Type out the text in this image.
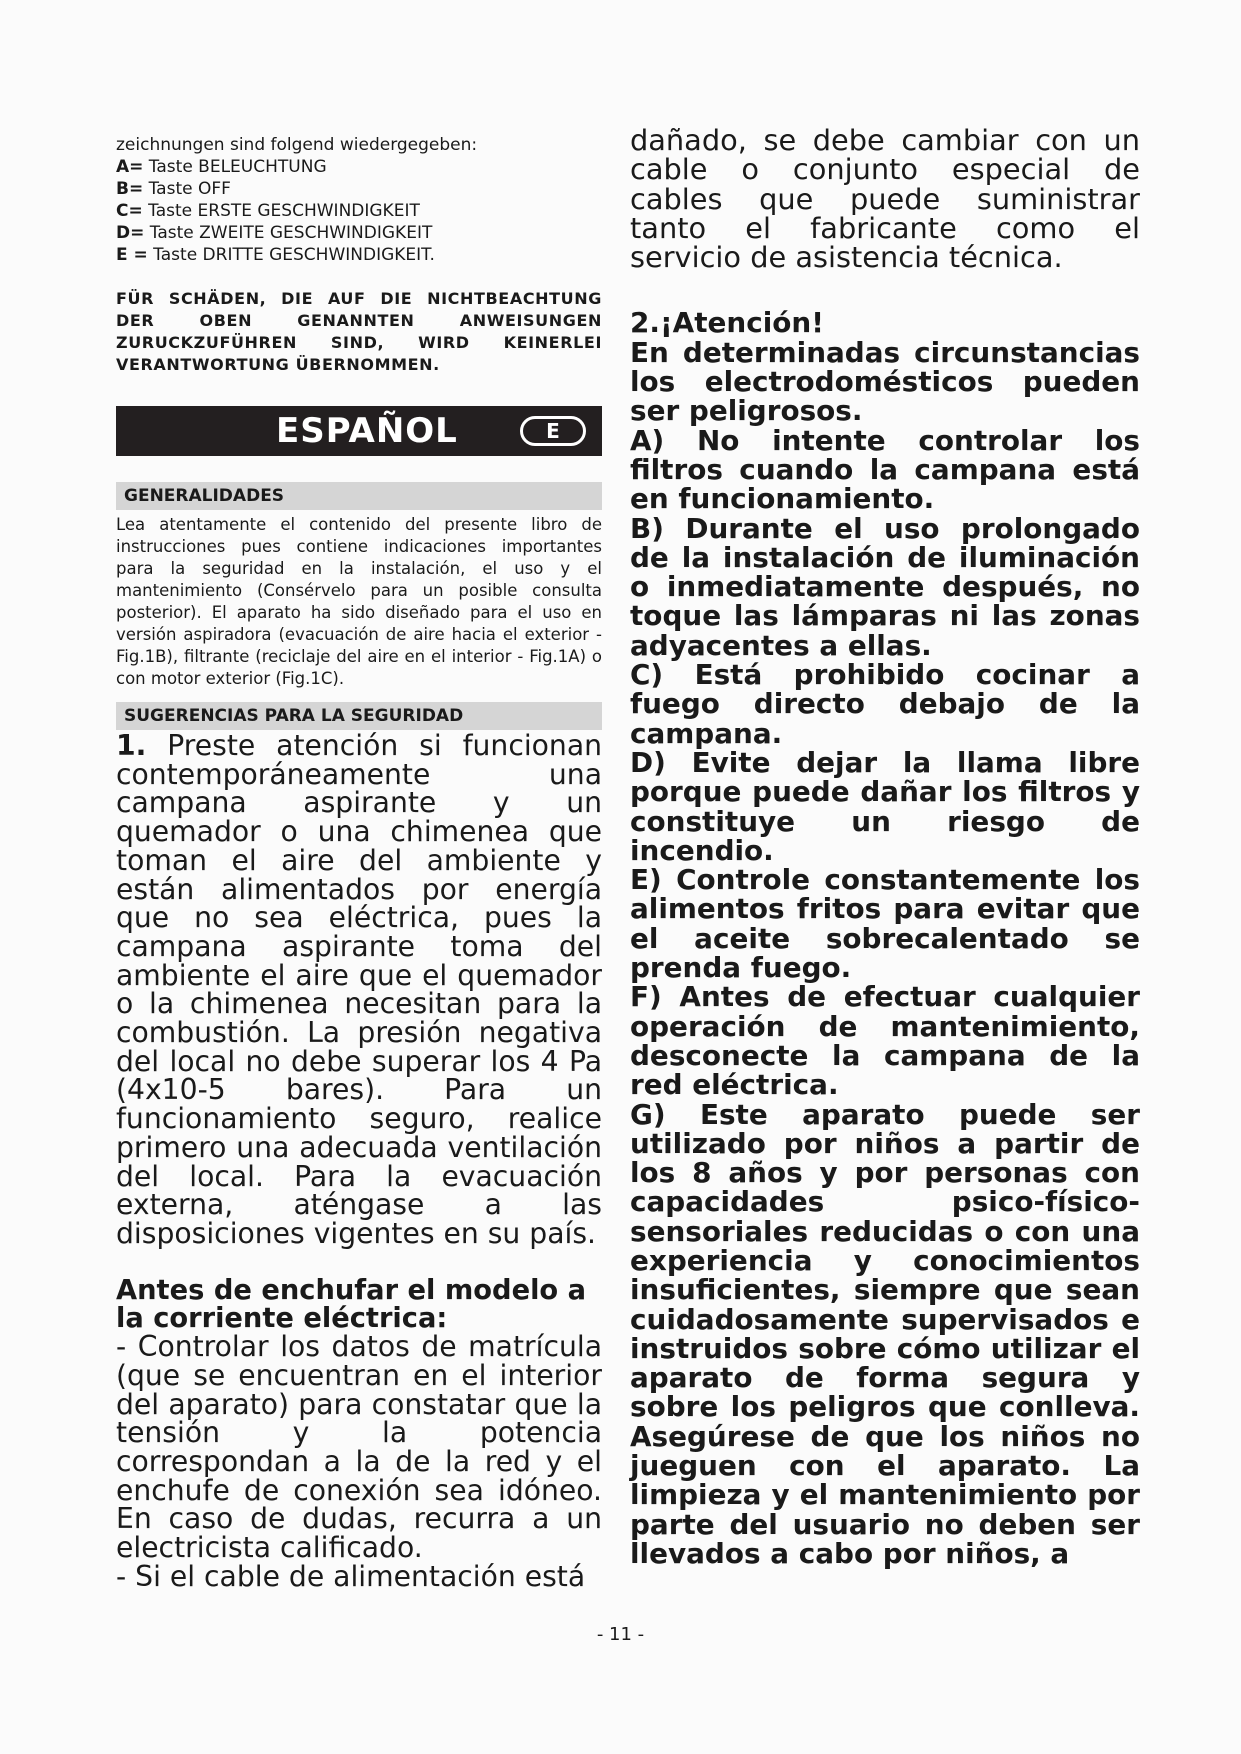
zeichnungen sind folgend wiedergegeben:

A= Taste BELEUCHTUNG

B= Taste OFF

C= Taste ERSTE GESCHWINDIGKEIT

D= Taste ZWEITE GESCHWINDIGKEIT

E = Taste DRITTE GESCHWINDIGKEIT.

FÜR SCHÄDEN, DIE AUF DIE NICHTBEACHTUNG DER OBEN GENANNTEN ANWEISUNGEN ZURUCKZUFÜHREN SIND, WIRD KEINERLEI VERANTWORTUNG ÜBERNOMMEN.

ESPAÑOL	E
GENERALIDADES

Lea atentamente el contenido del presente libro de instrucciones pues contiene indicaciones importantes para la seguridad en la instalación, el uso y el mantenimiento (Consérvelo para un posible consulta posterior). El aparato ha sido diseñado para el uso en versión aspiradora (evacuación de aire hacia el exterior - Fig.1B), filtrante (reciclaje del aire en el interior - Fig.1A) o con motor exterior (Fig.1C).

SUGERENCIAS PARA LA SEGURIDAD

1. Preste atención si funcionan contemporáneamente una campana aspirante y un quemador o una chimenea que toman el aire del ambiente y están alimentados por energía que no sea eléctrica, pues la campana aspirante toma del ambiente el aire que el quemador o la chimenea necesitan para la combustión. La presión negativa del local no debe superar los 4 Pa (4x10-5 bares). Para un funcionamiento seguro, realice primero una adecuada ventilación del local. Para la evacuación externa, aténgase a las disposiciones vigentes en su país.

Antes de enchufar el modelo a la corriente eléctrica:

- Controlar los datos de matrícula (que se encuentran en el interior del aparato) para constatar que la tensión y la potencia correspondan a la de la red y el enchufe de conexión sea idóneo. En caso de dudas, recurra a un electricista calificado.

- Si el cable de alimentación está

dañado, se debe cambiar con un cable o conjunto especial de cables que puede suministrar tanto el fabricante como el servicio de asistencia técnica.

2.¡Atención!
En determinadas circunstancias los electrodomésticos pueden ser peligrosos.
A) No intente controlar los filtros cuando la campana está en funcionamiento.
B) Durante el uso prolongado de la instalación de iluminación o inmediatamente después, no toque las lámparas ni las zonas adyacentes a ellas.
C) Está prohibido cocinar a fuego directo debajo de la campana.
D) Evite dejar la llama libre porque puede dañar los filtros y constituye un riesgo de incendio.
E) Controle constantemente los alimentos fritos para evitar que el aceite sobrecalentado se prenda fuego.
F) Antes de efectuar cualquier operación de mantenimiento, desconecte la campana de la red eléctrica.
G) Este aparato puede ser utilizado por niños a partir de los 8 años y por personas con capacidades psico-físico-sensoriales reducidas o con una experiencia y conocimientos insuficientes, siempre que sean cuidadosamente supervisados e instruidos sobre cómo utilizar el aparato de forma segura y sobre los peligros que conlleva. Asegúrese de que los niños no jueguen con el aparato. La limpieza y el mantenimiento por parte del usuario no deben ser llevados a cabo por niños, a
- 11 -
